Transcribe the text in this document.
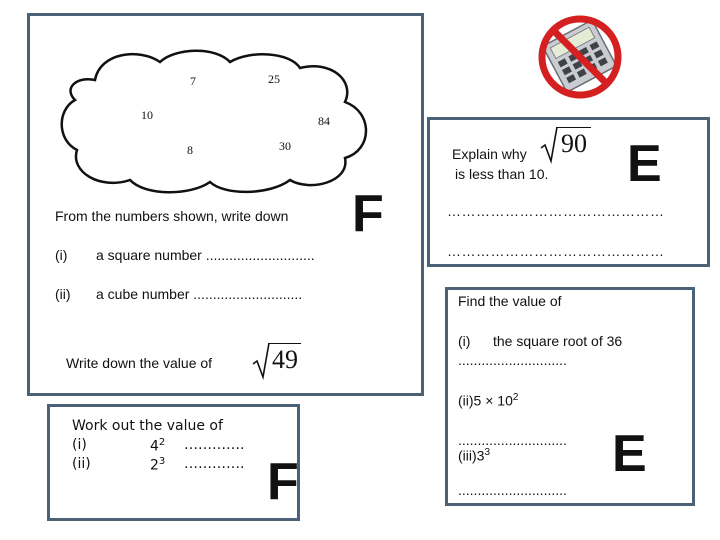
7	25
10	84
8	30
F
From the numbers shown, write down
(i) a square number ............................
(ii) a cube number ............................
Write down the value of 49
Work out the value of
(i)	$4^2$ ………….
(ii)	$2^3$ …………. F
Explain why
is less than 10.
90 E
………………………………………
………………………………………
Find the value of
(i) the square root of 36
............................
$(ii)5 \times 10^2$
............................
$(iii)3^3$
............................
E
